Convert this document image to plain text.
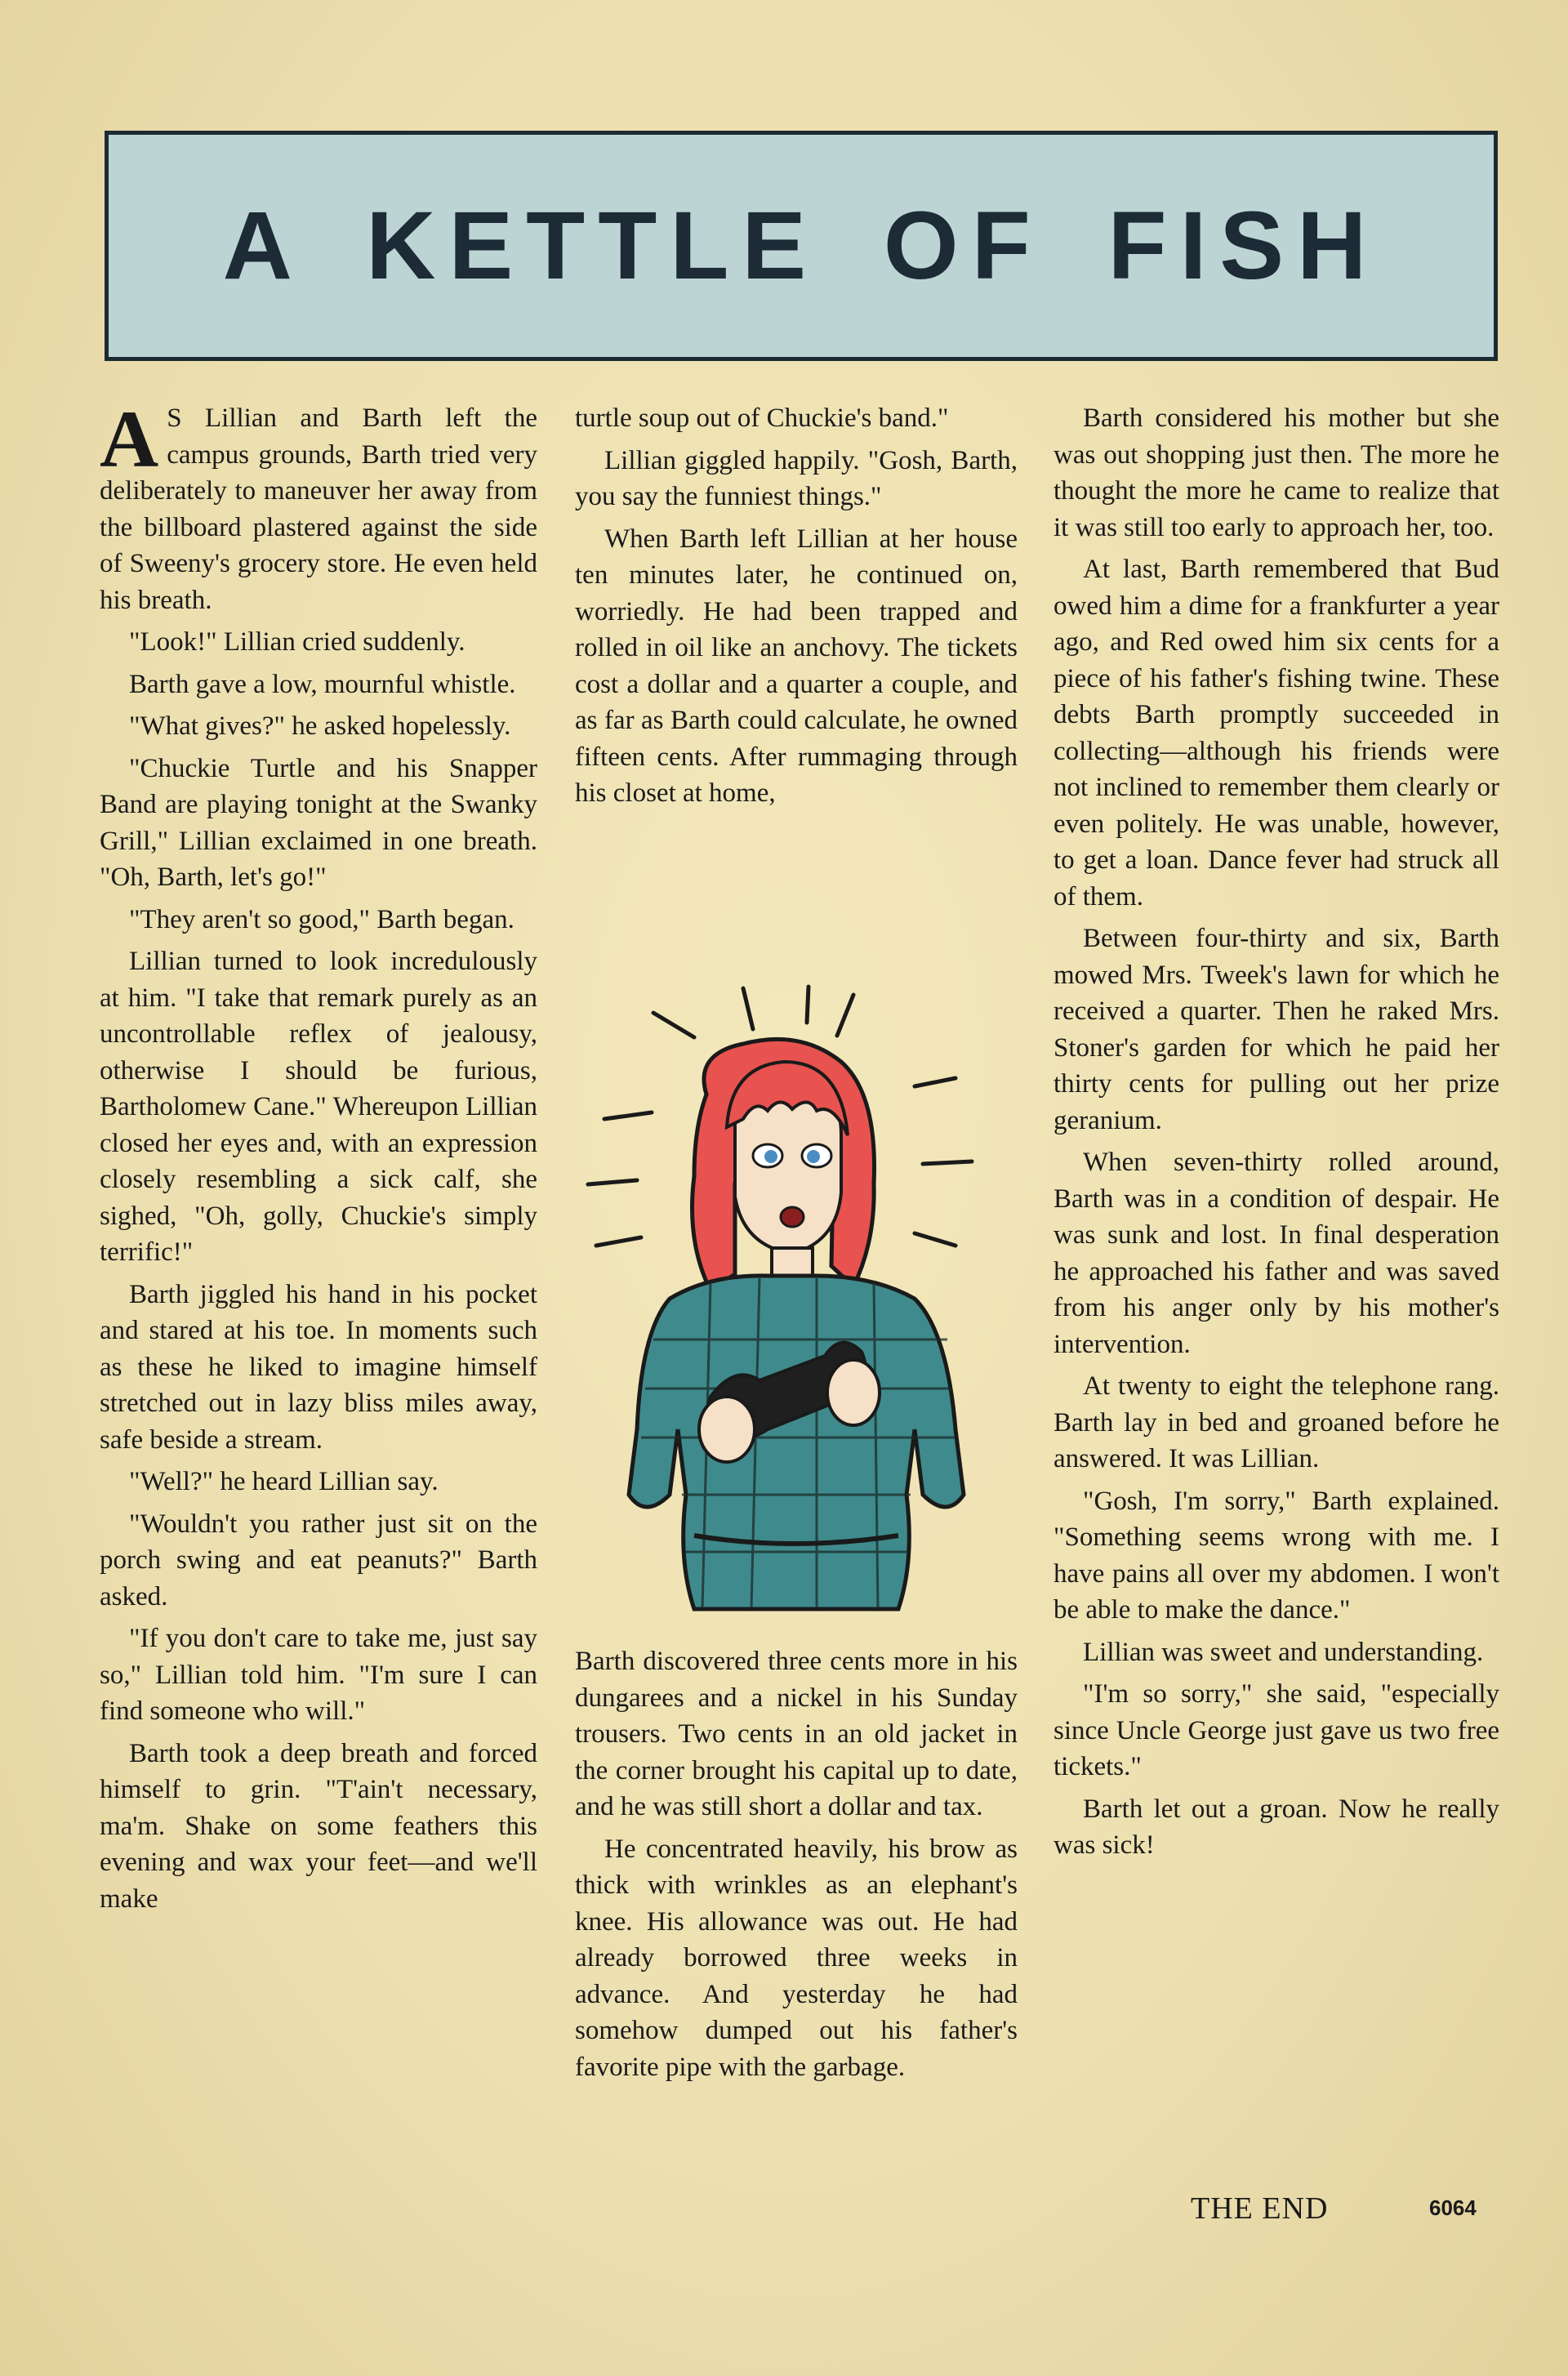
A KETTLE OF FISH

A S Lillian and Barth left the campus grounds, Barth tried very deliberately to maneuver her away from the billboard plastered against the side of Sweeny's grocery store. He even held his breath.

"Look!" Lillian cried suddenly.

Barth gave a low, mournful whistle.

"What gives?" he asked hopelessly.

"Chuckie Turtle and his Snapper Band are playing tonight at the Swanky Grill," Lillian exclaimed in one breath. "Oh, Barth, let's go!"

"They aren't so good," Barth began.

Lillian turned to look incredulously at him. "I take that remark purely as an uncontrollable reflex of jealousy, otherwise I should be furious, Bartholomew Cane." Whereupon Lillian closed her eyes and, with an expression closely resembling a sick calf, she sighed, "Oh, golly, Chuckie's simply terrific!"

Barth jiggled his hand in his pocket and stared at his toe. In moments such as these he liked to imagine himself stretched out in lazy bliss miles away, safe beside a stream.

"Well?" he heard Lillian say.

"Wouldn't you rather just sit on the porch swing and eat peanuts?" Barth asked.

"If you don't care to take me, just say so," Lillian told him. "I'm sure I can find someone who will."

Barth took a deep breath and forced himself to grin. "T'ain't necessary, ma'm. Shake on some feathers this evening and wax your feet—and we'll make

turtle soup out of Chuckie's band."

Lillian giggled happily. "Gosh, Barth, you say the funniest things."

When Barth left Lillian at her house ten minutes later, he continued on, worriedly. He had been trapped and rolled in oil like an anchovy. The tickets cost a dollar and a quarter a couple, and as far as Barth could calculate, he owned fifteen cents. After rummaging through his closet at home,

Barth discovered three cents more in his dungarees and a nickel in his Sunday trousers. Two cents in an old jacket in the corner brought his capital up to date, and he was still short a dollar and tax.

He concentrated heavily, his brow as thick with wrinkles as an elephant's knee. His allowance was out. He had already borrowed three weeks in advance. And yesterday he had somehow dumped out his father's favorite pipe with the garbage.

Barth considered his mother but she was out shopping just then. The more he thought the more he came to realize that it was still too early to approach her, too.

At last, Barth remembered that Bud owed him a dime for a frankfurter a year ago, and Red owed him six cents for a piece of his father's fishing twine. These debts Barth promptly succeeded in collecting—although his friends were not inclined to remember them clearly or even politely. He was unable, however, to get a loan. Dance fever had struck all of them.

Between four-thirty and six, Barth mowed Mrs. Tweek's lawn for which he received a quarter. Then he raked Mrs. Stoner's garden for which he paid her thirty cents for pulling out her prize geranium.

When seven-thirty rolled around, Barth was in a condition of despair. He was sunk and lost. In final desperation he approached his father and was saved from his anger only by his mother's intervention.

At twenty to eight the telephone rang. Barth lay in bed and groaned before he answered. It was Lillian.

"Gosh, I'm sorry," Barth explained. "Something seems wrong with me. I have pains all over my abdomen. I won't be able to make the dance."

Lillian was sweet and understanding.

"I'm so sorry," she said, "especially since Uncle George just gave us two free tickets."

Barth let out a groan. Now he really was sick!

THE END	6064
